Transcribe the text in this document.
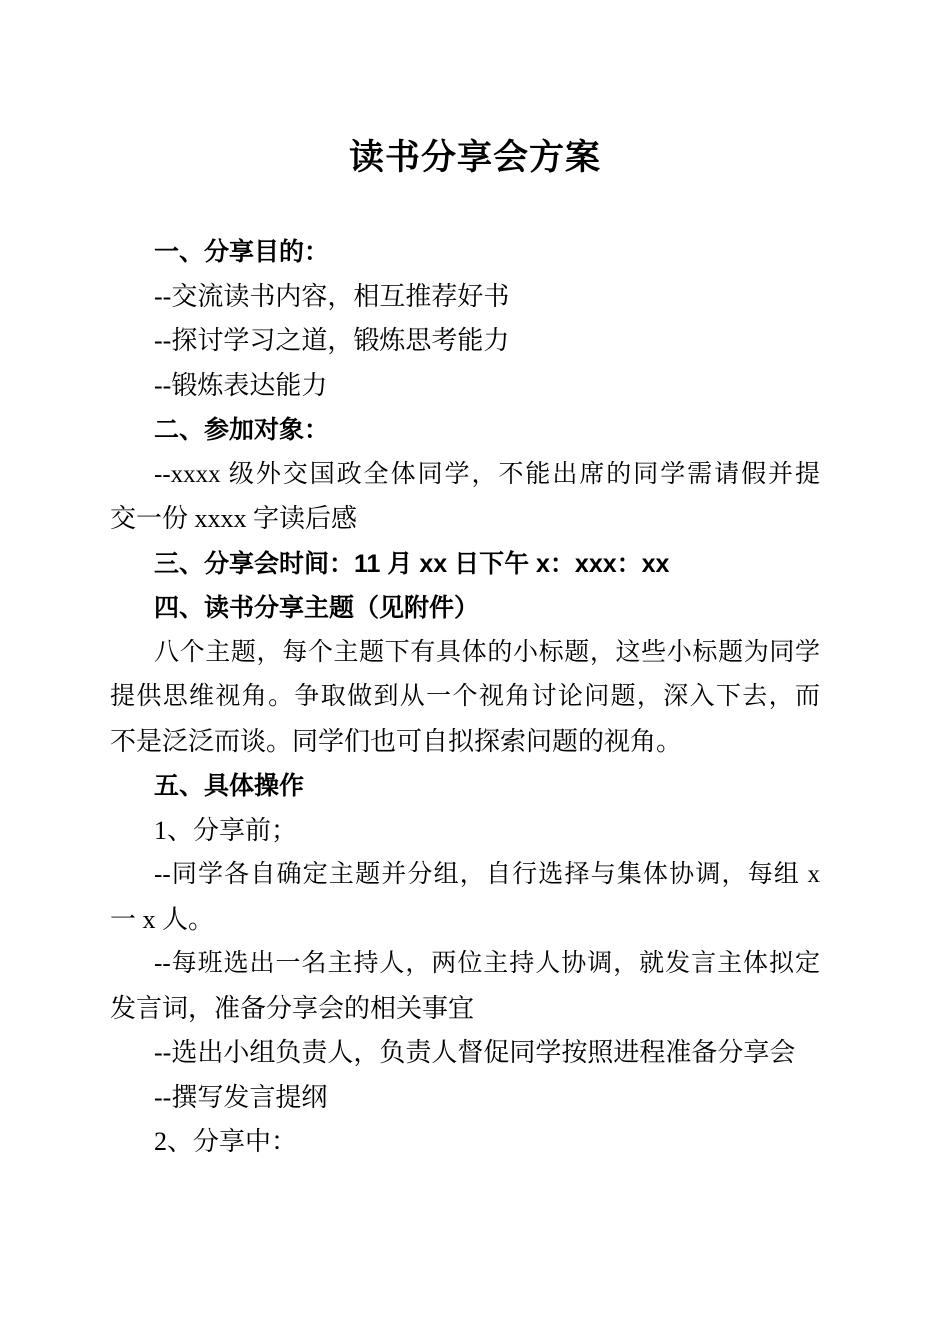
读书分享会方案
一、分享目的：
--交流读书内容，相互推荐好书
--探讨学习之道，锻炼思考能力
--锻炼表达能力
二、参加对象：
--xxxx 级外交国政全体同学，不能出席的同学需请假并提
交一份 xxxx 字读后感
三、分享会时间：11 月 xx 日下午 x：xxx：xx
四、读书分享主题（见附件）
八个主题，每个主题下有具体的小标题，这些小标题为同学
提供思维视角。争取做到从一个视角讨论问题，深入下去，而
不是泛泛而谈。同学们也可自拟探索问题的视角。
五、具体操作
1、分享前；
--同学各自确定主题并分组，自行选择与集体协调，每组 x
一 x 人。
--每班选出一名主持人，两位主持人协调，就发言主体拟定
发言词，准备分享会的相关事宜
--选出小组负责人，负责人督促同学按照进程准备分享会
--撰写发言提纲
2、分享中：
